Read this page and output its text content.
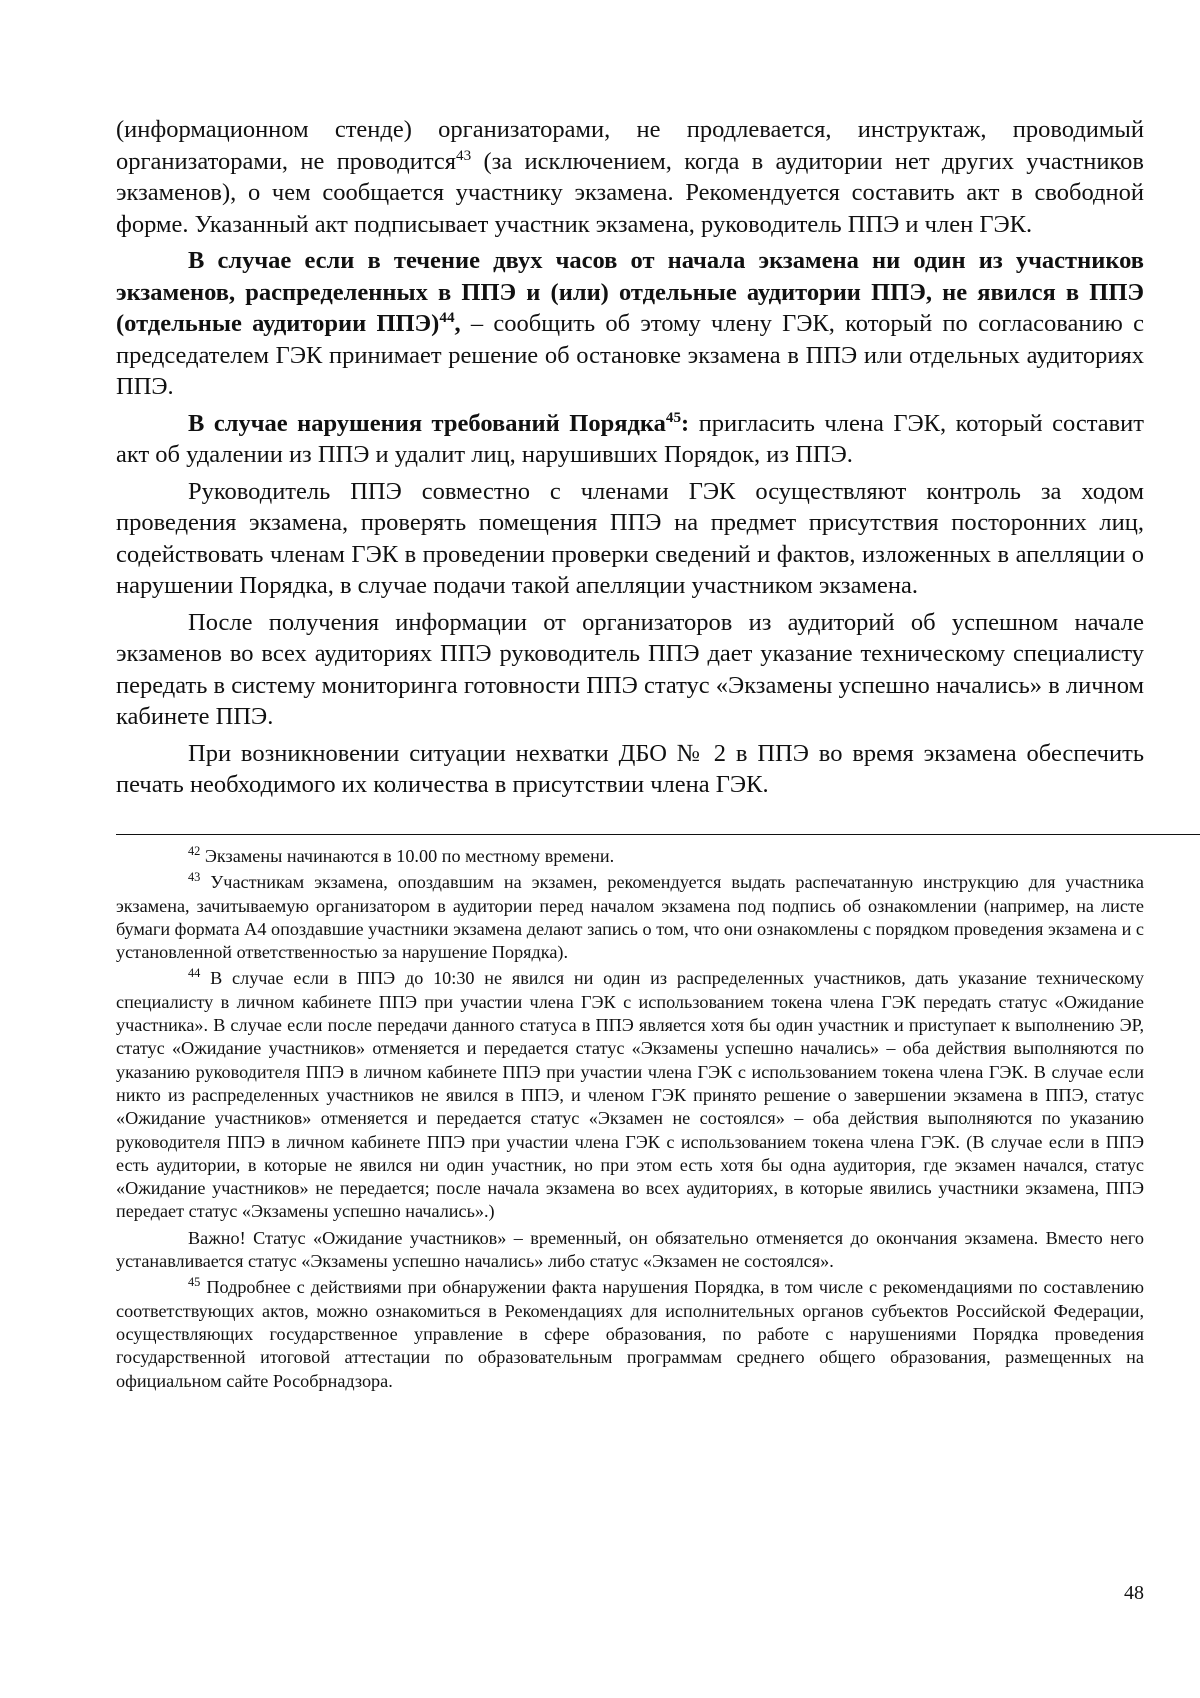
(информационном стенде) организаторами, не продлевается, инструктаж, проводимый организаторами, не проводится$^{43}$ (за исключением, когда в аудитории нет других участников экзаменов), о чем сообщается участнику экзамена. Рекомендуется составить акт в свободной форме. Указанный акт подписывает участник экзамена, руководитель ППЭ и член ГЭК.

В случае если в течение двух часов от начала экзамена ни один из участников экзаменов, распределенных в ППЭ и (или) отдельные аудитории ППЭ, не явился в ППЭ (отдельные аудитории ППЭ)$^{44}$, – сообщить об этому члену ГЭК, который по согласованию с председателем ГЭК принимает решение об остановке экзамена в ППЭ или отдельных аудиториях ППЭ.

В случае нарушения требований Порядка$^{45}$: пригласить члена ГЭК, который составит акт об удалении из ППЭ и удалит лиц, нарушивших Порядок, из ППЭ.

Руководитель ППЭ совместно с членами ГЭК осуществляют контроль за ходом проведения экзамена, проверять помещения ППЭ на предмет присутствия посторонних лиц, содействовать членам ГЭК в проведении проверки сведений и фактов, изложенных в апелляции о нарушении Порядка, в случае подачи такой апелляции участником экзамена.

После получения информации от организаторов из аудиторий об успешном начале экзаменов во всех аудиториях ППЭ руководитель ППЭ дает указание техническому специалисту передать в систему мониторинга готовности ППЭ статус «Экзамены успешно начались» в личном кабинете ППЭ.

При возникновении ситуации нехватки ДБО № 2 в ППЭ во время экзамена обеспечить печать необходимого их количества в присутствии члена ГЭК.

$^{42}$ Экзамены начинаются в 10.00 по местному времени.

$^{43}$ Участникам экзамена, опоздавшим на экзамен, рекомендуется выдать распечатанную инструкцию для участника экзамена, зачитываемую организатором в аудитории перед началом экзамена под подпись об ознакомлении (например, на листе бумаги формата А4 опоздавшие участники экзамена делают запись о том, что они ознакомлены с порядком проведения экзамена и с установленной ответственностью за нарушение Порядка).

$^{44}$ В случае если в ППЭ до 10:30 не явился ни один из распределенных участников, дать указание техническому специалисту в личном кабинете ППЭ при участии члена ГЭК с использованием токена члена ГЭК передать статус «Ожидание участника». В случае если после передачи данного статуса в ППЭ является хотя бы один участник и приступает к выполнению ЭР, статус «Ожидание участников» отменяется и передается статус «Экзамены успешно начались» – оба действия выполняются по указанию руководителя ППЭ в личном кабинете ППЭ при участии члена ГЭК с использованием токена члена ГЭК. В случае если никто из распределенных участников не явился в ППЭ, и членом ГЭК принято решение о завершении экзамена в ППЭ, статус «Ожидание участников» отменяется и передается статус «Экзамен не состоялся» – оба действия выполняются по указанию руководителя ППЭ в личном кабинете ППЭ при участии члена ГЭК с использованием токена члена ГЭК. (В случае если в ППЭ есть аудитории, в которые не явился ни один участник, но при этом есть хотя бы одна аудитория, где экзамен начался, статус «Ожидание участников» не передается; после начала экзамена во всех аудиториях, в которые явились участники экзамена, ППЭ передает статус «Экзамены успешно начались».)

Важно! Статус «Ожидание участников» – временный, он обязательно отменяется до окончания экзамена. Вместо него устанавливается статус «Экзамены успешно начались» либо статус «Экзамен не состоялся».

$^{45}$ Подробнее с действиями при обнаружении факта нарушения Порядка, в том числе с рекомендациями по составлению соответствующих актов, можно ознакомиться в Рекомендациях для исполнительных органов субъектов Российской Федерации, осуществляющих государственное управление в сфере образования, по работе с нарушениями Порядка проведения государственной итоговой аттестации по образовательным программам среднего общего образования, размещенных на официальном сайте Рособрнадзора.

48
